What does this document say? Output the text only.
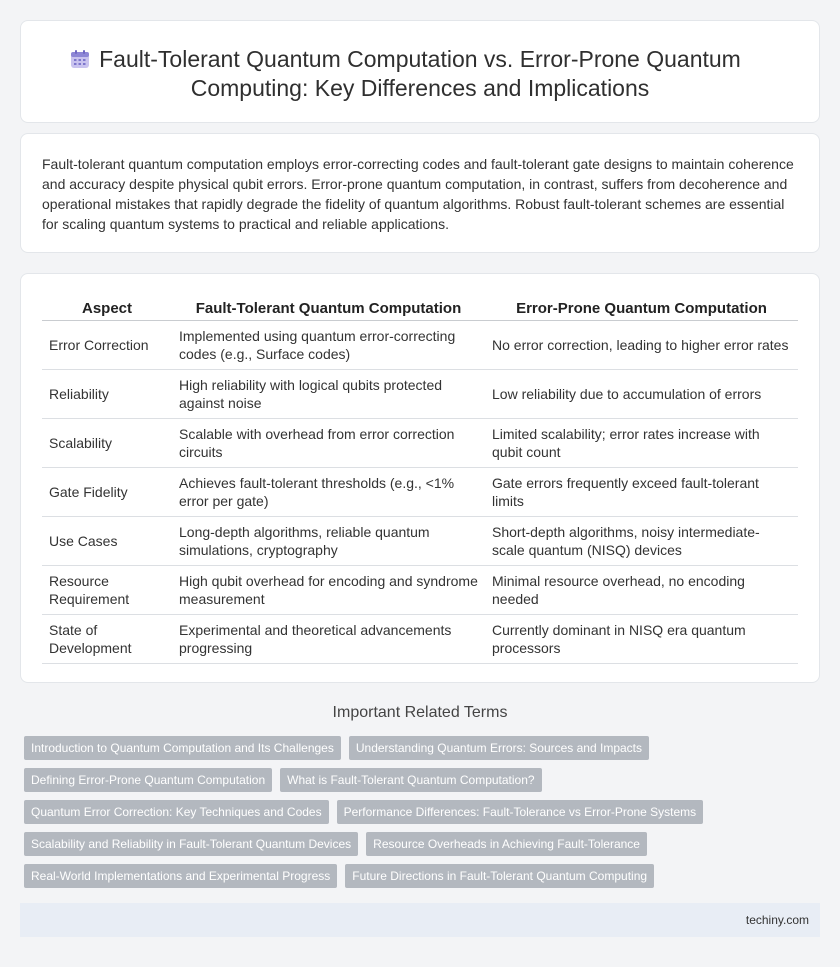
Fault-Tolerant Quantum Computation vs. Error-Prone Quantum Computing: Key Differences and Implications

Fault-tolerant quantum computation employs error-correcting codes and fault-tolerant gate designs to maintain coherence and accuracy despite physical qubit errors. Error-prone quantum computation, in contrast, suffers from decoherence and operational mistakes that rapidly degrade the fidelity of quantum algorithms. Robust fault-tolerant schemes are essential for scaling quantum systems to practical and reliable applications.

Aspect	Fault-Tolerant Quantum Computation	Error-Prone Quantum Computation
Error Correction	Implemented using quantum error-correcting codes (e.g., Surface codes)	No error correction, leading to higher error rates
Reliability	High reliability with logical qubits protected against noise	Low reliability due to accumulation of errors
Scalability	Scalable with overhead from error correction circuits	Limited scalability; error rates increase with qubit count
Gate Fidelity	Achieves fault-tolerant thresholds (e.g., <1% error per gate)	Gate errors frequently exceed fault-tolerant limits
Use Cases	Long-depth algorithms, reliable quantum simulations, cryptography	Short-depth algorithms, noisy intermediate-scale quantum (NISQ) devices
Resource Requirement	High qubit overhead for encoding and syndrome measurement	Minimal resource overhead, no encoding needed
State of Development	Experimental and theoretical advancements progressing	Currently dominant in NISQ era quantum processors
Important Related Terms
Introduction to Quantum Computation and Its Challenges	Understanding Quantum Errors: Sources and Impacts
Defining Error-Prone Quantum Computation	What is Fault-Tolerant Quantum Computation?
Quantum Error Correction: Key Techniques and Codes	Performance Differences: Fault-Tolerance vs Error-Prone Systems
Scalability and Reliability in Fault-Tolerant Quantum Devices	Resource Overheads in Achieving Fault-Tolerance
Real-World Implementations and Experimental Progress	Future Directions in Fault-Tolerant Quantum Computing
techiny.com
